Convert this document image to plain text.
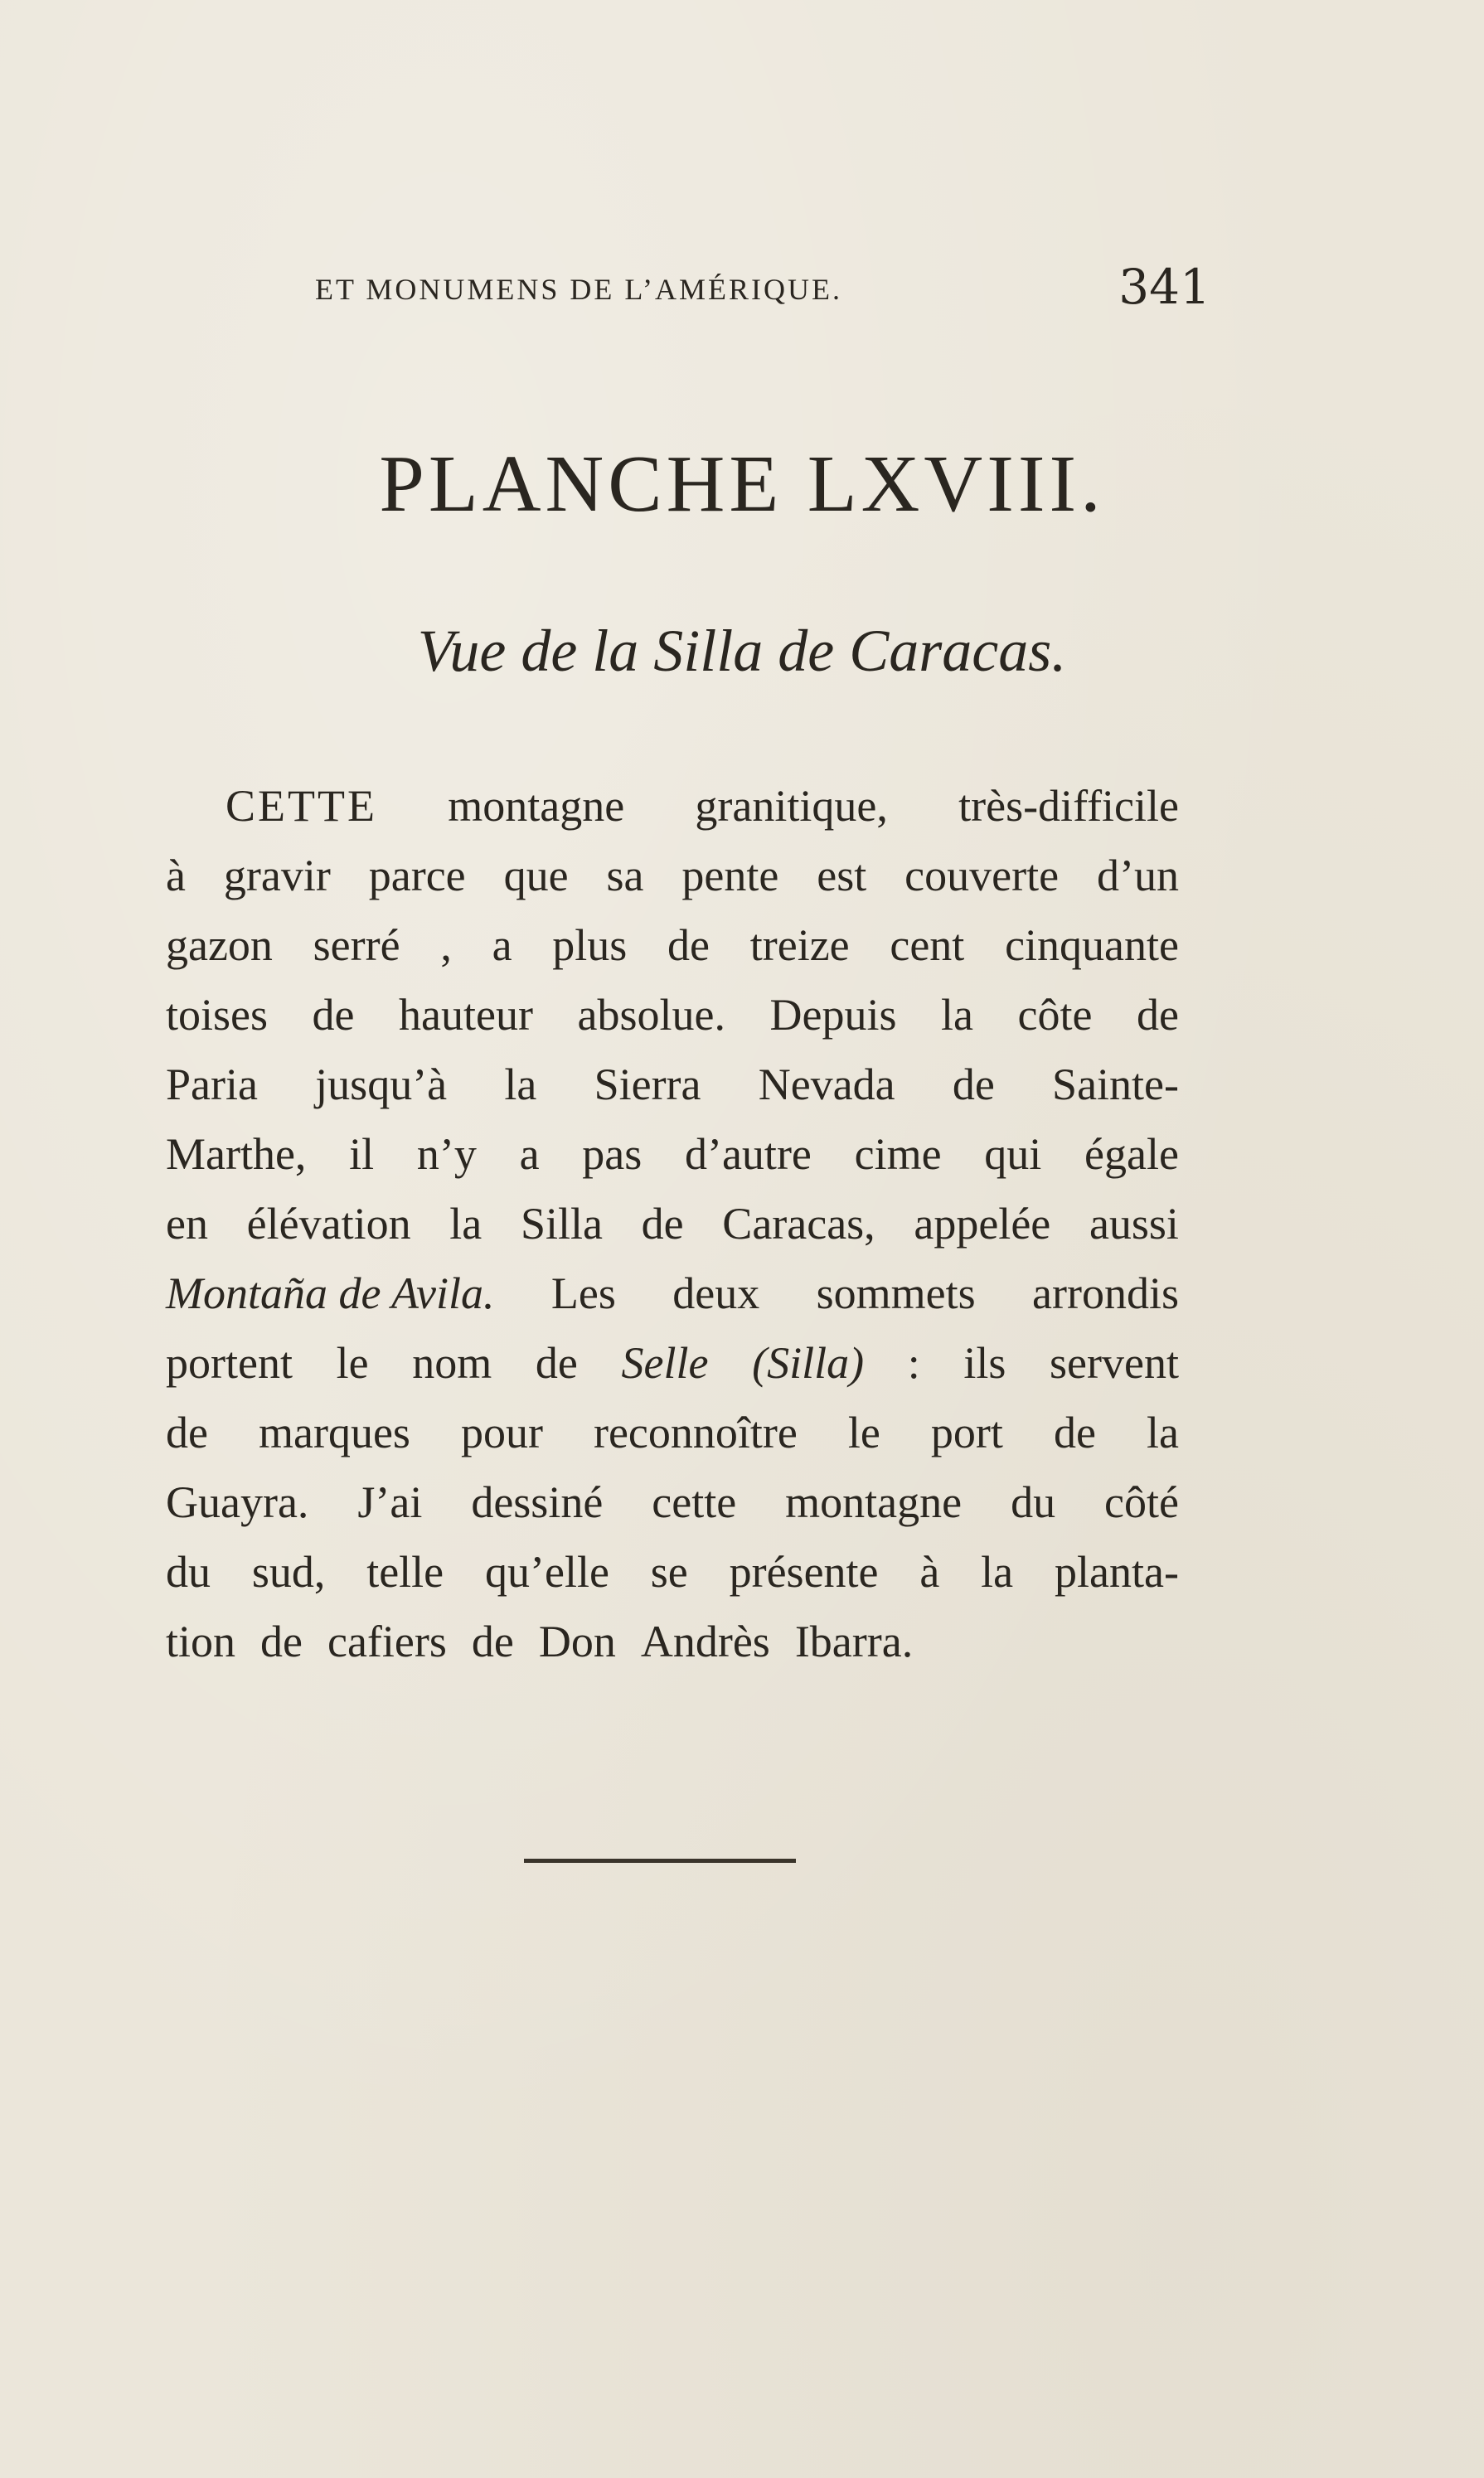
ET MONUMENS DE L’AMÉRIQUE.	341
PLANCHE LXVIII.
Vue de la Silla de Caracas.
CETTE montagne granitique, très-difficile
à gravir parce que sa pente est couverte d’un
gazon serré , a plus de treize cent cinquante
toises de hauteur absolue. Depuis la côte de
Paria jusqu’à la Sierra Nevada de Sainte-
Marthe, il n’y a pas d’autre cime qui égale
en élévation la Silla de Caracas, appelée aussi
Montaña de Avila. Les deux sommets arrondis
portent le nom de Selle (Silla) : ils servent
de marques pour reconnoître le port de la
Guayra. J’ai dessiné cette montagne du côté
du sud, telle qu’elle se présente à la planta-
tion de cafiers de Don Andrès Ibarra.
